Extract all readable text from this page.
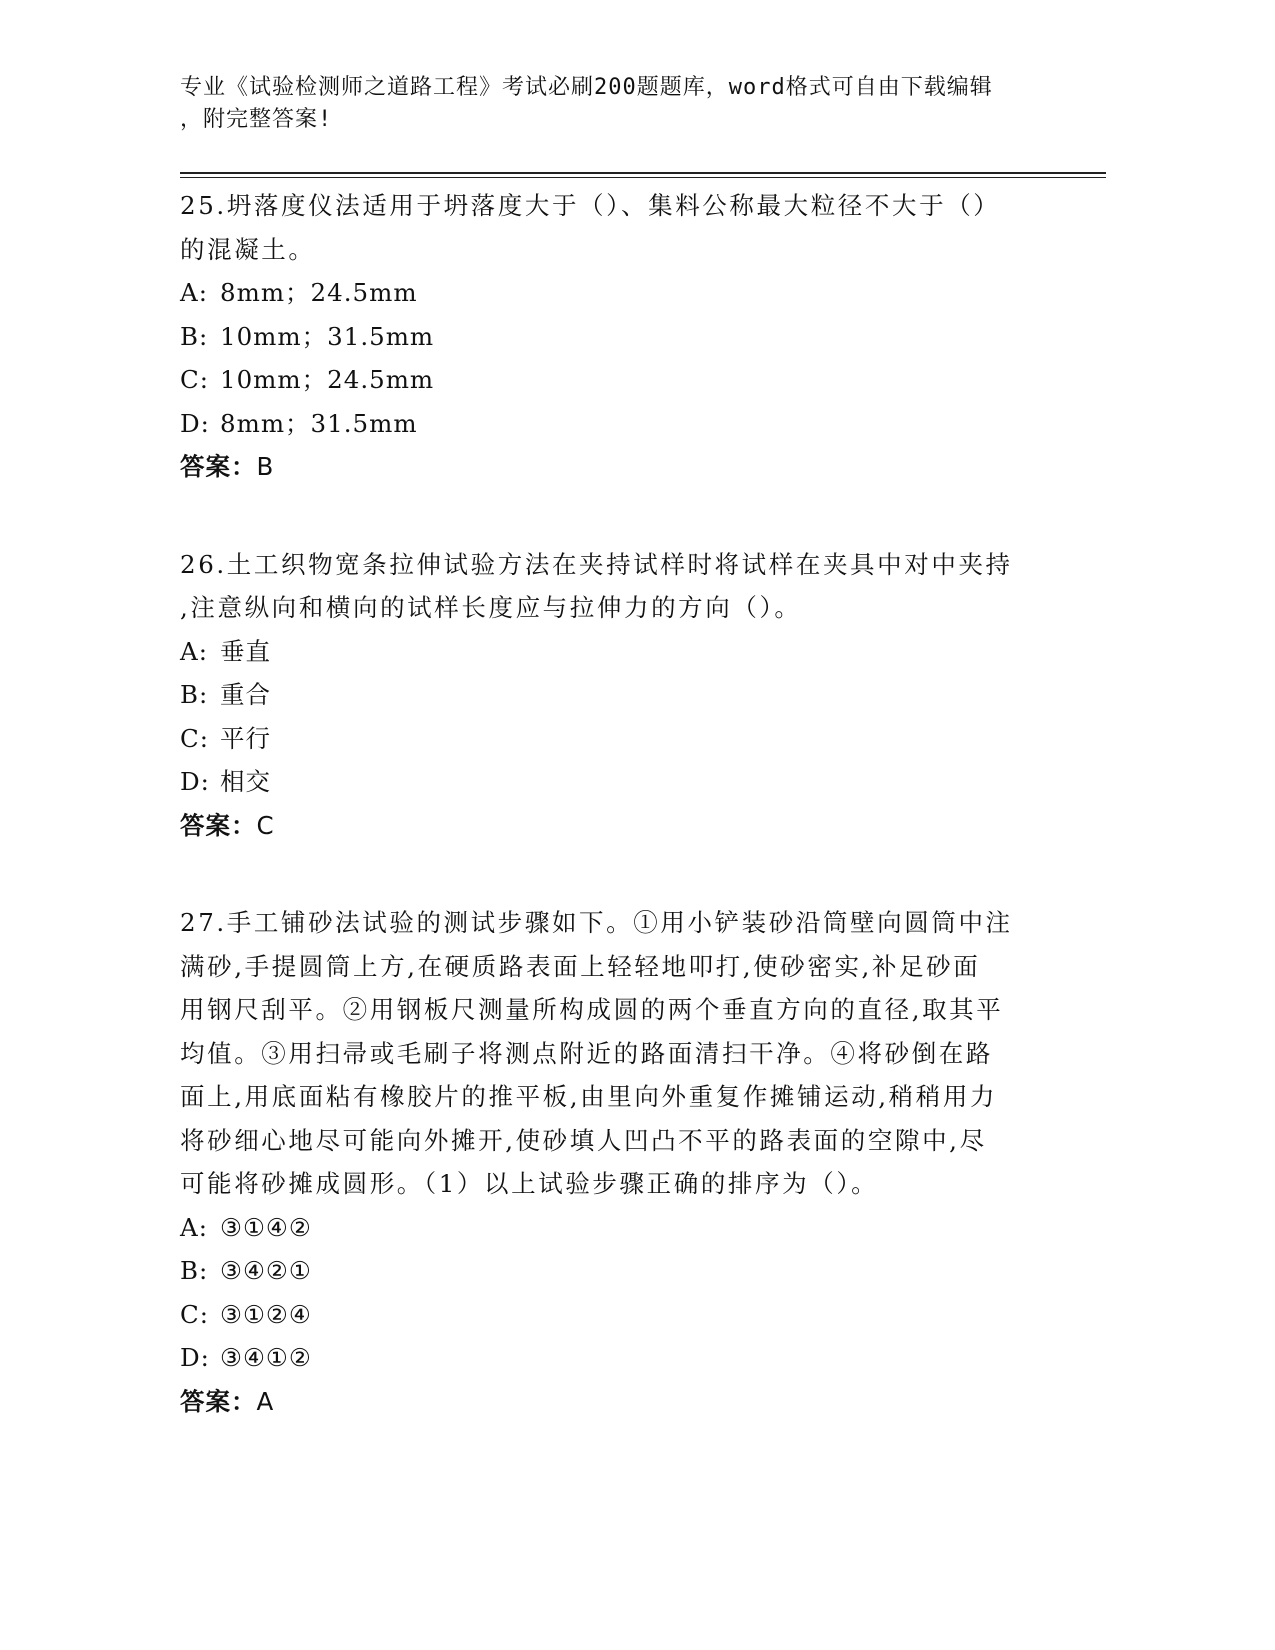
专业《试验检测师之道路工程》考试必刷200题题库，word格式可自由下载编辑
，附完整答案!

25.坍落度仪法适用于坍落度大于（）、集料公称最大粒径不大于（）

的混凝土。

A: 8mm；24.5mm

B: 10mm；31.5mm

C: 10mm；24.5mm

D: 8mm；31.5mm

答案：B

26.土工织物宽条拉伸试验方法在夹持试样时将试样在夹具中对中夹持

,注意纵向和横向的试样长度应与拉伸力的方向（）。

A: 垂直

B: 重合

C: 平行

D: 相交

答案：C

27.手工铺砂法试验的测试步骤如下。①用小铲装砂沿筒壁向圆筒中注

满砂,手提圆筒上方,在硬质路表面上轻轻地叩打,使砂密实,补足砂面

用钢尺刮平。②用钢板尺测量所构成圆的两个垂直方向的直径,取其平

均值。③用扫帚或毛刷子将测点附近的路面清扫干净。④将砂倒在路

面上,用底面粘有橡胶片的推平板,由里向外重复作摊铺运动,稍稍用力

将砂细心地尽可能向外摊开,使砂填人凹凸不平的路表面的空隙中,尽

可能将砂摊成圆形。（1）以上试验步骤正确的排序为（）。

A: ③①④②

B: ③④②①

C: ③①②④

D: ③④①②

答案：A
